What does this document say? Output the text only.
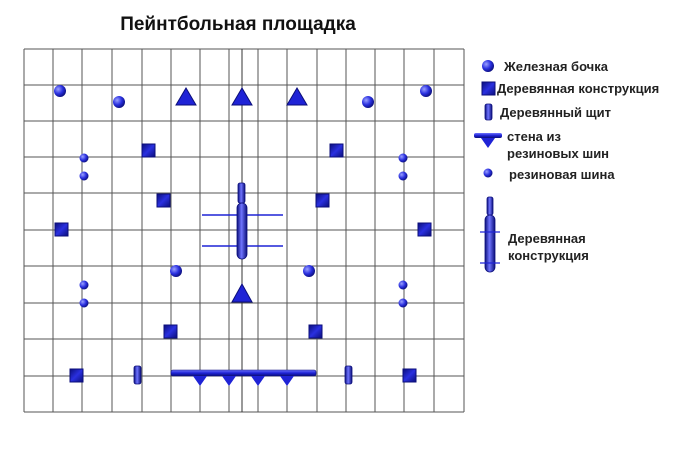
Пейнтбольная площадка
Железная бочка
Деревянная конструкция
Деревянный щит
стена из
резиновых шин
резиновая шина
Деревянная
конструкция
